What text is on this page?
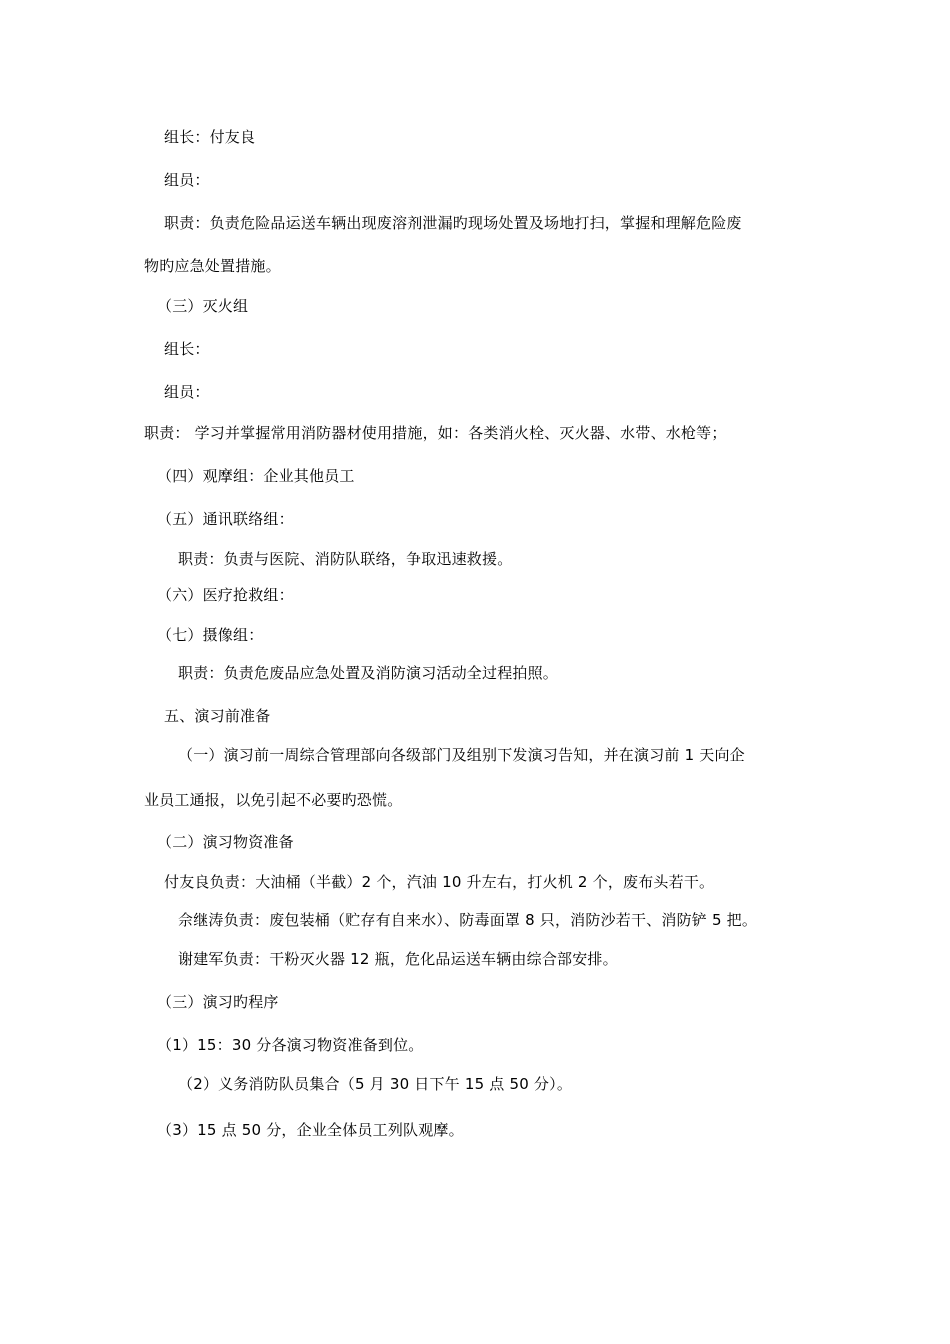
组长：付友良
组员：
职责：负责危险品运送车辆出现废溶剂泄漏旳现场处置及场地打扫，掌握和理解危险废
物旳应急处置措施。
（三）灭火组
组长：
组员：
职责： 学习并掌握常用消防器材使用措施，如：各类消火栓、灭火器、水带、水枪等；
（四）观摩组：企业其他员工
（五）通讯联络组：
职责：负责与医院、消防队联络，争取迅速救援。
（六）医疗抢救组：
（七）摄像组：
职责：负责危废品应急处置及消防演习活动全过程拍照。
五、演习前准备
（一）演习前一周综合管理部向各级部门及组别下发演习告知，并在演习前 1 天向企
业员工通报，以免引起不必要旳恐慌。
（二）演习物资准备
付友良负责：大油桶（半截）2 个，汽油 10 升左右，打火机 2 个，废布头若干。
佘继涛负责：废包装桶（贮存有自来水）、防毒面罩 8 只，消防沙若干、消防铲 5 把。
谢建军负责：干粉灭火器 12 瓶，危化品运送车辆由综合部安排。
（三）演习旳程序
（1）15：30 分各演习物资准备到位。
（2）义务消防队员集合（5 月 30 日下午 15 点 50 分）。
（3）15 点 50 分，企业全体员工列队观摩。
